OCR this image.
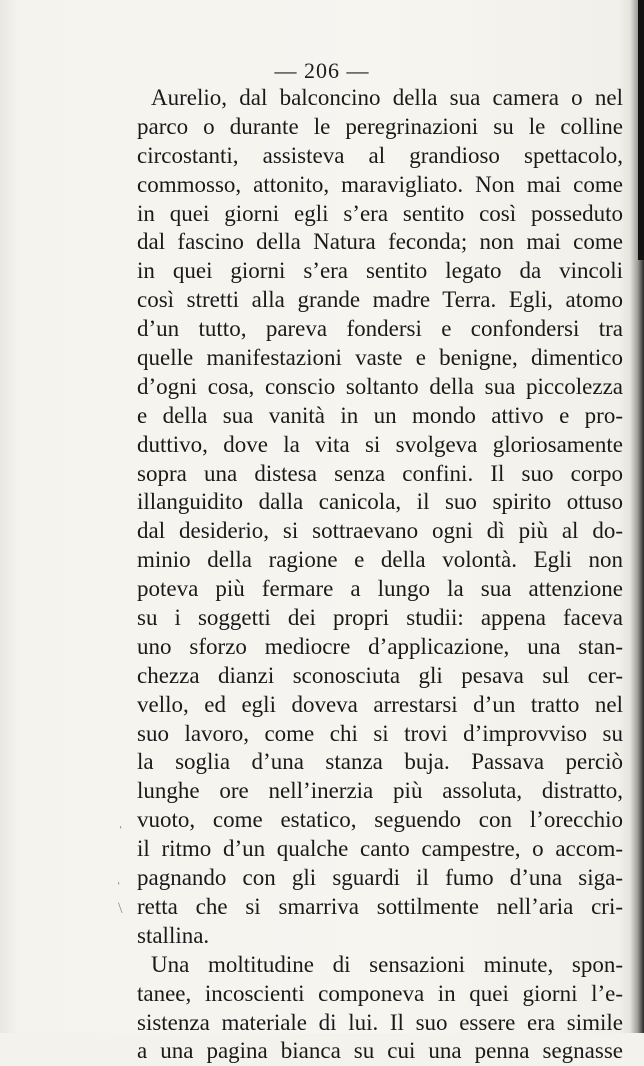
— 206 —
Aurelio, dal balconcino della sua camera o nel
parco o durante le peregrinazioni su le colline
circostanti, assisteva al grandioso spettacolo,
commosso, attonito, maravigliato. Non mai come
in quei giorni egli s’era sentito così posseduto
dal fascino della Natura feconda; non mai come
in quei giorni s’era sentito legato da vincoli
così stretti alla grande madre Terra. Egli, atomo
d’un tutto, pareva fondersi e confondersi tra
quelle manifestazioni vaste e benigne, dimentico
d’ogni cosa, conscio soltanto della sua piccolezza
e della sua vanità in un mondo attivo e pro-
duttivo, dove la vita si svolgeva gloriosamente
sopra una distesa senza confini. Il suo corpo
illanguidito dalla canicola, il suo spirito ottuso
dal desiderio, si sottraevano ogni dì più al do-
minio della ragione e della volontà. Egli non
poteva più fermare a lungo la sua attenzione
su i soggetti dei propri studii: appena faceva
uno sforzo mediocre d’applicazione, una stan-
chezza dianzi sconosciuta gli pesava sul cer-
vello, ed egli doveva arrestarsi d’un tratto nel
suo lavoro, come chi si trovi d’improvviso su
la soglia d’una stanza buja. Passava perciò
lunghe ore nell’inerzia più assoluta, distratto,
vuoto, come estatico, seguendo con l’orecchio
il ritmo d’un qualche canto campestre, o accom-
pagnando con gli sguardi il fumo d’una siga-
retta che si smarriva sottilmente nell’aria cri-
stallina.
Una moltitudine di sensazioni minute, spon-
tanee, incoscienti componeva in quei giorni l’e-
sistenza materiale di lui. Il suo essere era simile
a una pagina bianca su cui una penna segnasse
ˌ
ˌ
\
